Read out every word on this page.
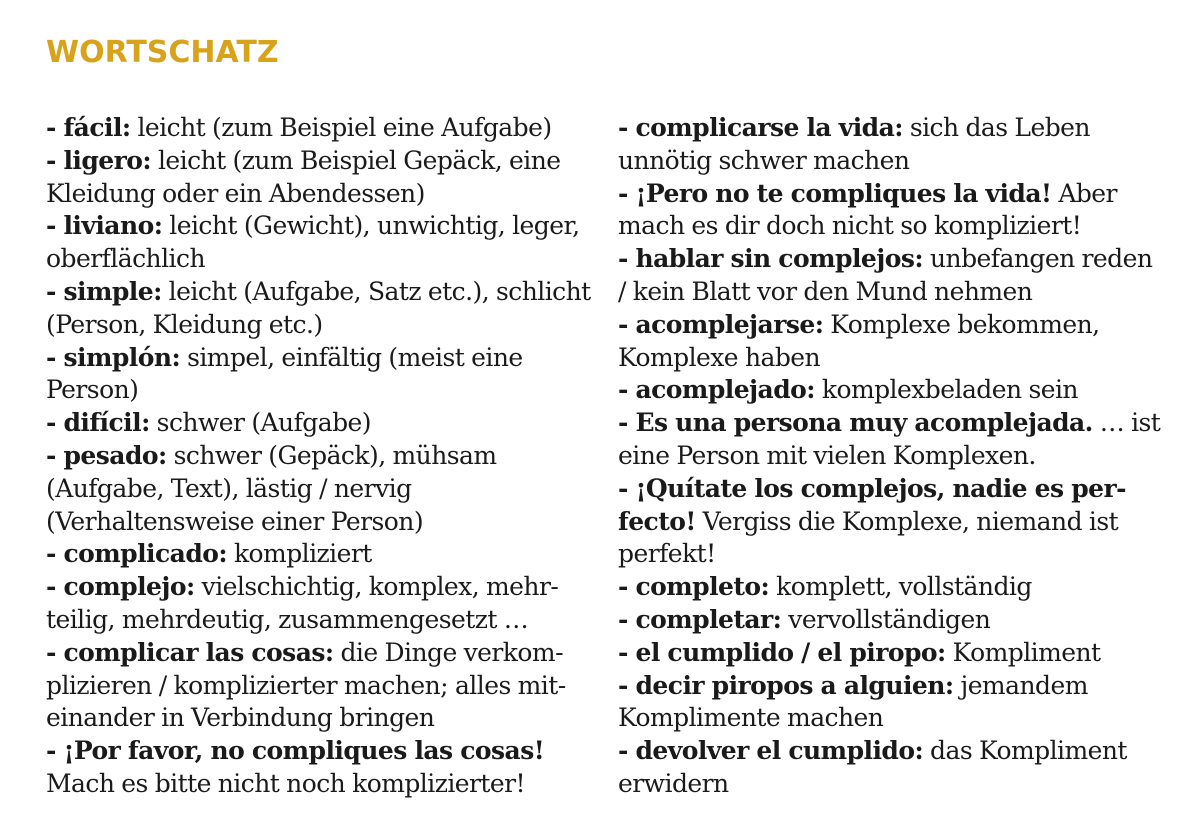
WORTSCHATZ

- fácil: leicht (zum Beispiel eine Aufgabe)

- ligero: leicht (zum Beispiel Gepäck, eine Kleidung oder ein Abendessen)

- liviano: leicht (Gewicht), unwichtig, leger, oberflächlich

- simple: leicht (Aufgabe, Satz etc.), schlicht (Person, Kleidung etc.)

- simplón: simpel, einfältig (meist eine Person)

- difícil: schwer (Aufgabe)

- pesado: schwer (Gepäck), mühsam (Aufgabe, Text), lästig / nervig (Verhaltensweise einer Person)

- complicado: kompliziert

- complejo: vielschichtig, komplex, mehrteilig, mehrdeutig, zusammengesetzt …

- complicar las cosas: die Dinge verkomplizieren / komplizierter machen; alles miteinander in Verbindung bringen

- ¡Por favor, no compliques las cosas! Mach es bitte nicht noch komplizierter!

- complicarse la vida: sich das Leben unnötig schwer machen

- ¡Pero no te compliques la vida! Aber mach es dir doch nicht so kompliziert!

- hablar sin complejos: unbefangen reden / kein Blatt vor den Mund nehmen

- acomplejarse: Komplexe bekommen, Komplexe haben

- acomplejado: komplexbeladen sein

- Es una persona muy acomplejada. … ist eine Person mit vielen Komplexen.

- ¡Quítate los complejos, nadie es perfecto! Vergiss die Komplexe, niemand ist perfekt!

- completo: komplett, vollständig

- completar: vervollständigen

- el cumplido / el piropo: Kompliment

- decir piropos a alguien: jemandem Komplimente machen

- devolver el cumplido: das Kompliment erwidern
